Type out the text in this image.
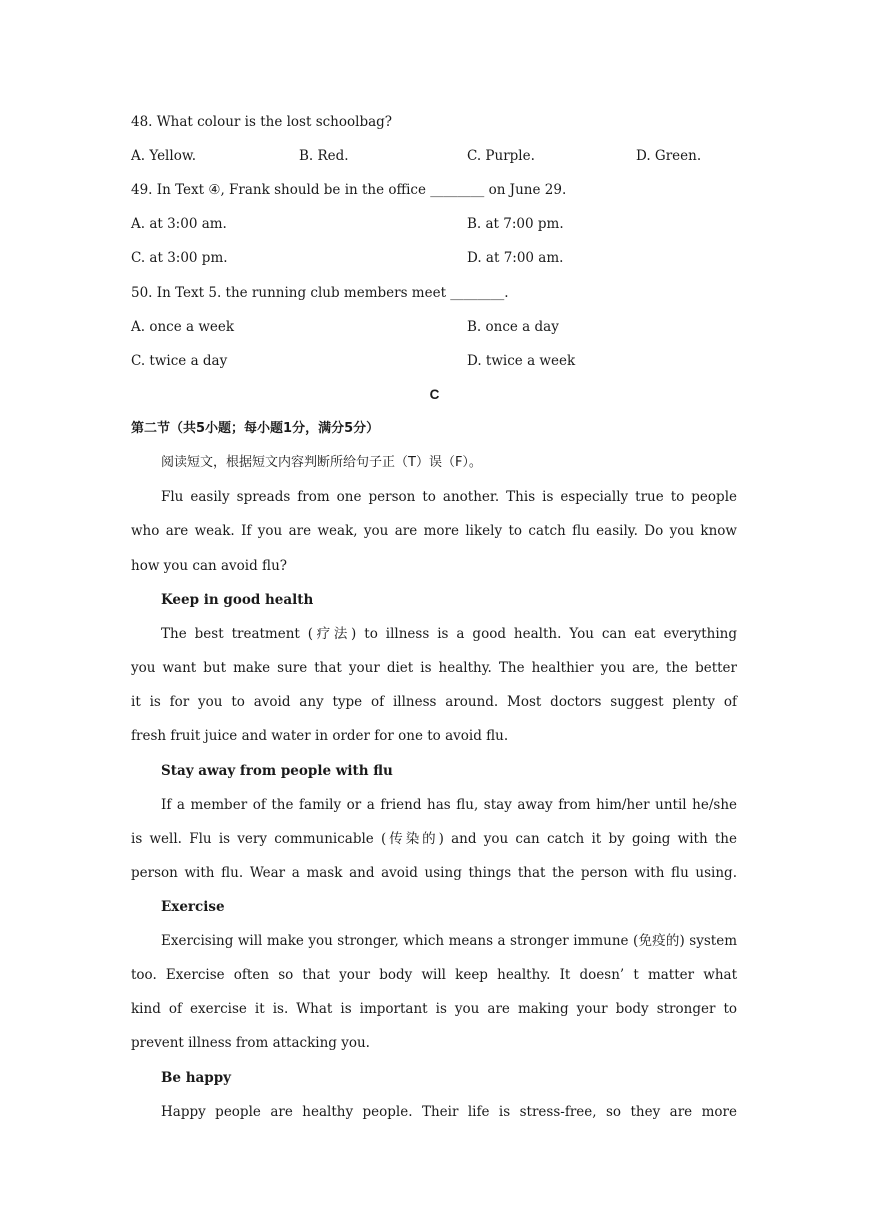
48. What colour is the lost schoolbag?
A. Yellow.	B. Red.	C. Purple.	D. Green.
49. In Text ④, Frank should be in the office ________ on June 29.
A. at 3:00 am.	B. at 7:00 pm.
C. at 3:00 pm.	D. at 7:00 am.
50. In Text 5. the running club members meet ________.
A. once a week	B. once a day
C. twice a day	D. twice a week
C
第二节（共5小题；每小题1分，满分5分）
阅读短文，根据短文内容判断所给句子正（T）误（F）。
Flu easily spreads from one person to another. This is especially true to people
who are weak. If you are weak, you are more likely to catch flu easily. Do you know
how you can avoid flu?
Keep in good health
The best treatment (疗法) to illness is a good health. You can eat everything
you want but make sure that your diet is healthy. The healthier you are, the better
it is for you to avoid any type of illness around. Most doctors suggest plenty of
fresh fruit juice and water in order for one to avoid flu.
Stay away from people with flu
If a member of the family or a friend has flu, stay away from him/her until he/she
is well. Flu is very communicable (传染的) and you can catch it by going with the
person with flu. Wear a mask and avoid using things that the person with flu using.
Exercise
Exercising will make you stronger, which means a stronger immune (免疫的) system
too. Exercise often so that your body will keep healthy. It doesn’ t matter what
kind of exercise it is. What is important is you are making your body stronger to
prevent illness from attacking you.
Be happy
Happy people are healthy people. Their life is stress-free, so they are more
